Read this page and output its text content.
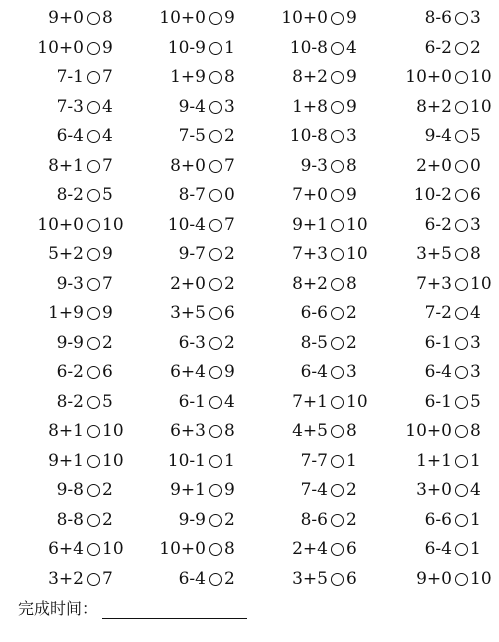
9+0 8
10+0 9
7-1 7
7-3 4
6-4 4
8+1 7
8-2 5
10+0 10
5+2 9
9-3 7
1+9 9
9-9 2
6-2 6
8-2 5
8+1 10
9+1 10
9-8 2
8-8 2
6+4 10
3+2 7
10+0 9
10-9 1
1+9 8
9-4 3
7-5 2
8+0 7
8-7 0
10-4 7
9-7 2
2+0 2
3+5 6
6-3 2
6+4 9
6-1 4
6+3 8
10-1 1
9+1 9
9-9 2
10+0 8
6-4 2
10+0 9
10-8 4
8+2 9
1+8 9
10-8 3
9-3 8
7+0 9
9+1 10
7+3 10
8+2 8
6-6 2
8-5 2
6-4 3
7+1 10
4+5 8
7-7 1
7-4 2
8-6 2
2+4 6
3+5 6
8-6 3
6-2 2
10+0 10
8+2 10
9-4 5
2+0 0
10-2 6
6-2 3
3+5 8
7+3 10
7-2 4
6-1 3
6-4 3
6-1 5
10+0 8
1+1 1
3+0 4
6-6 1
6-4 1
9+0 10
完成时间：
